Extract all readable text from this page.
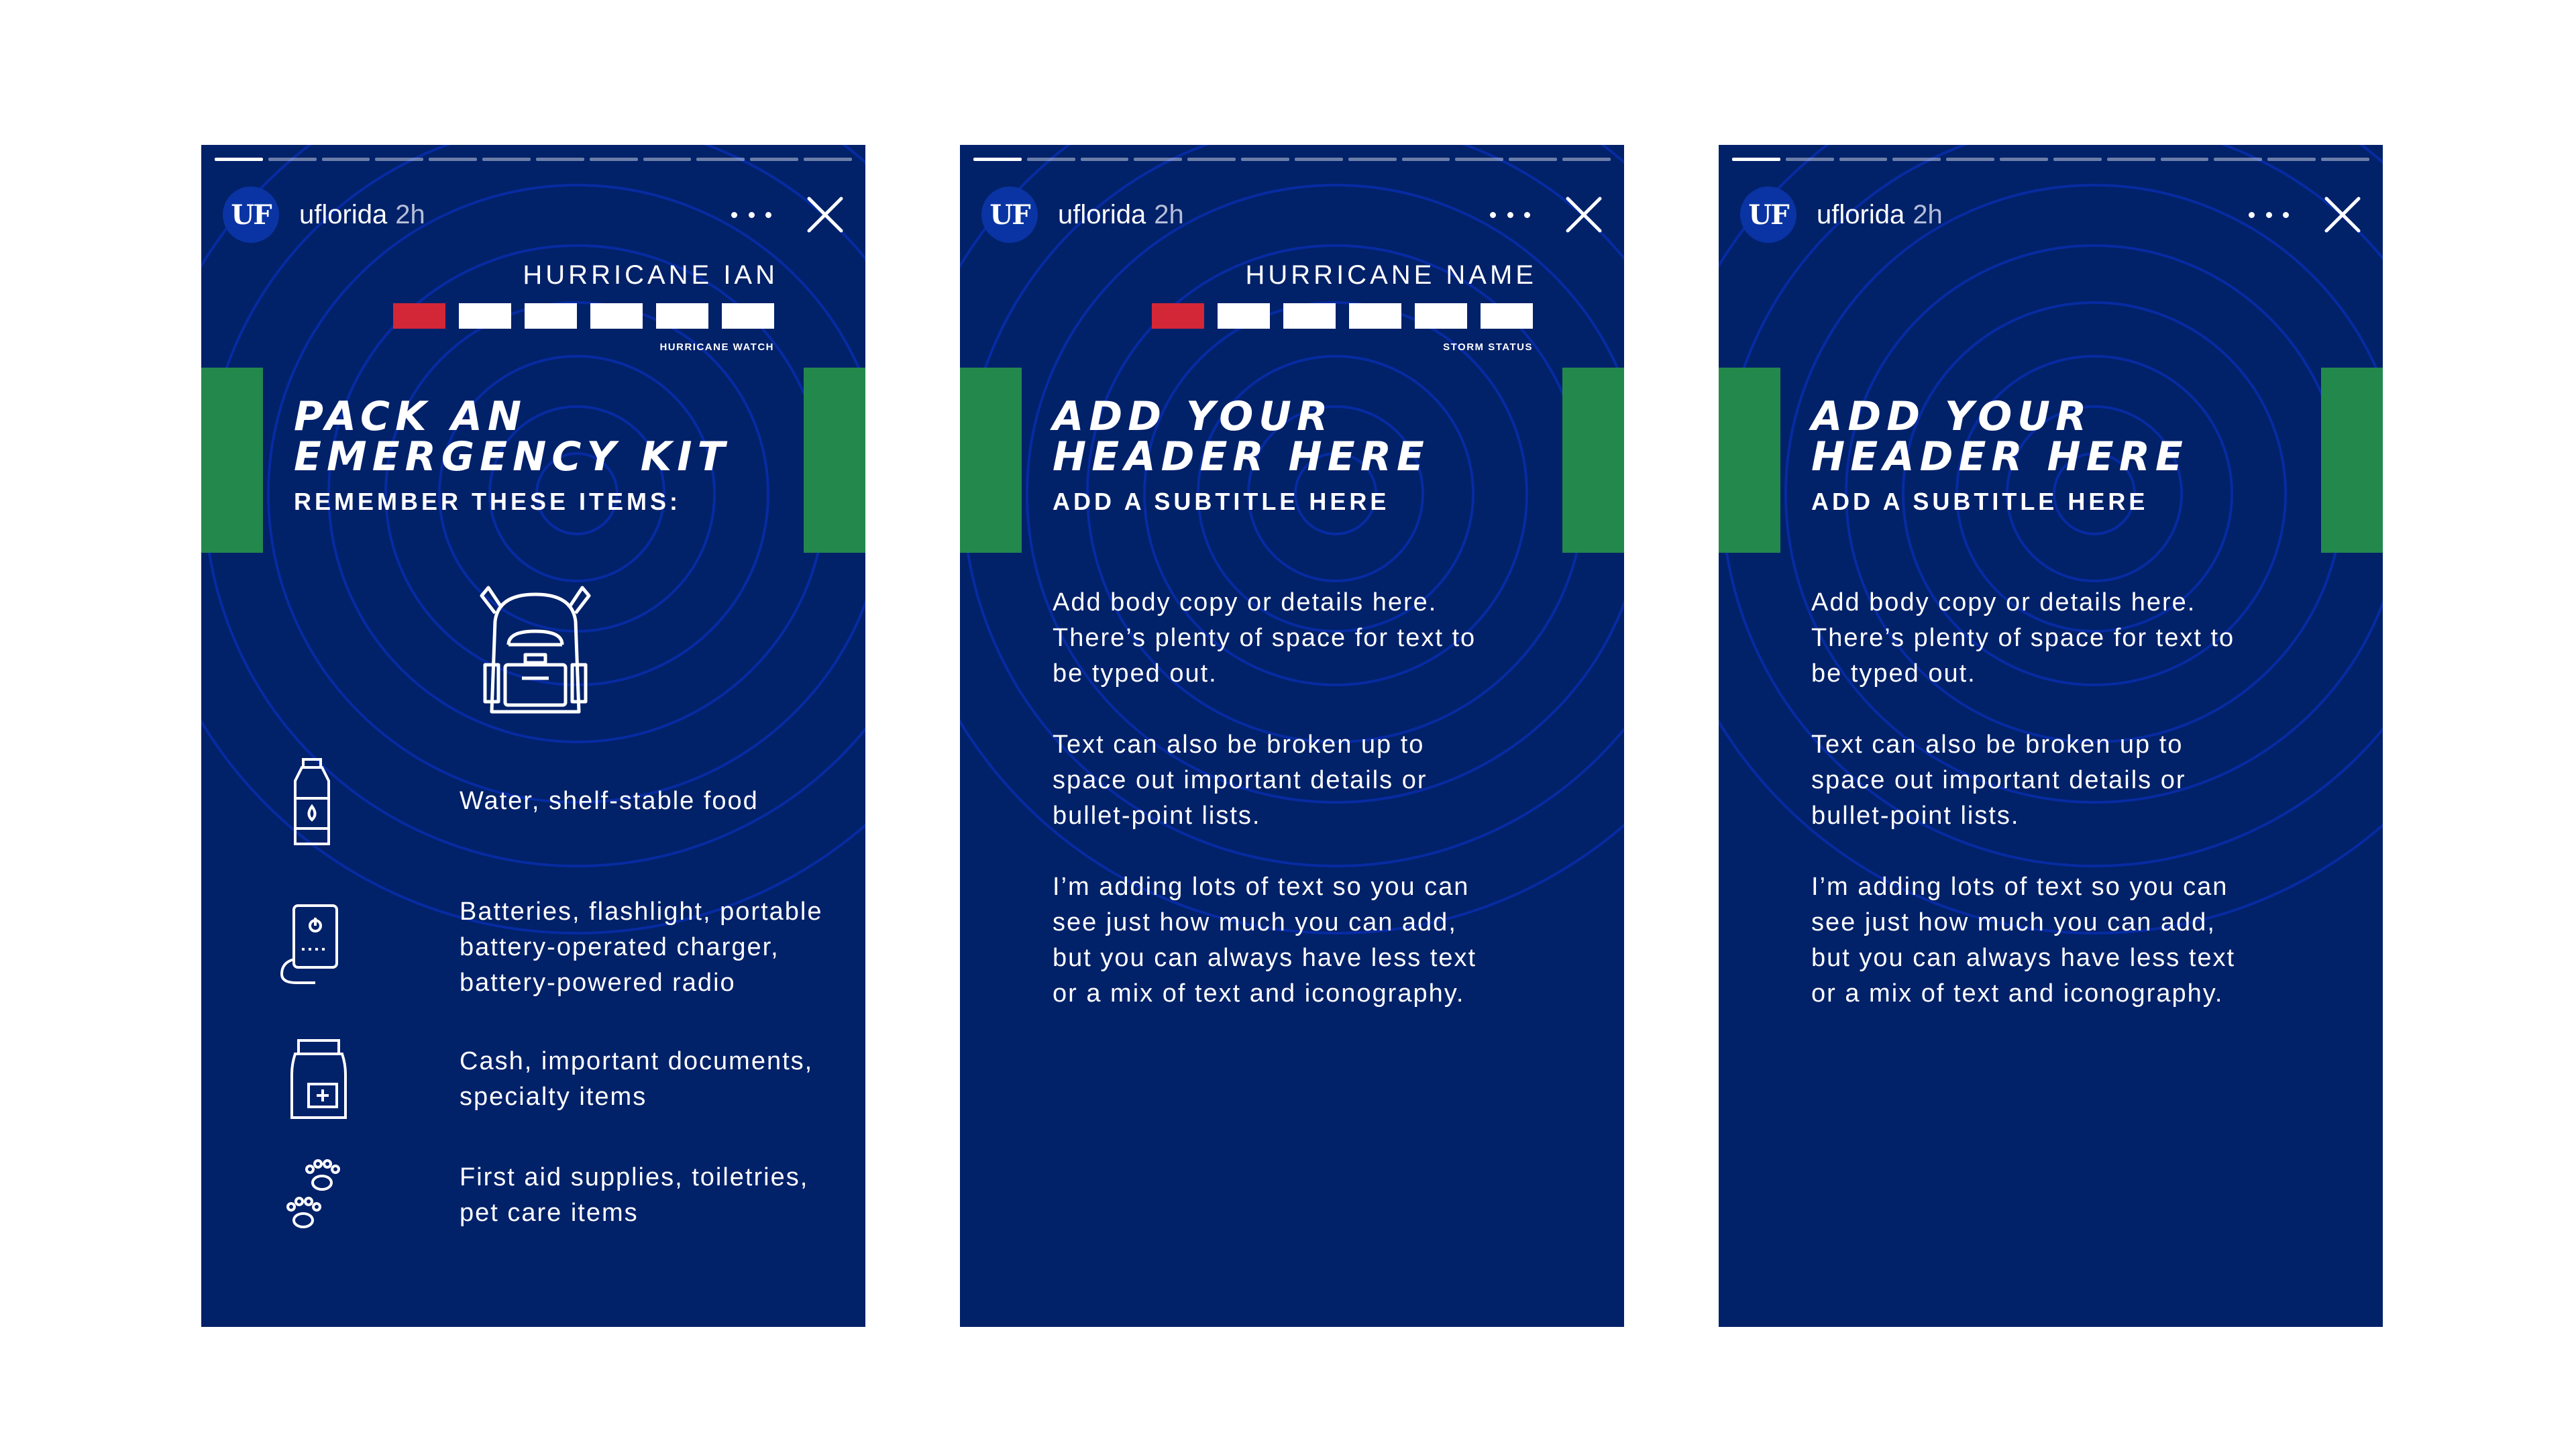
UF uflorida 2h
HURRICANE IAN
HURRICANE WATCH
PACK AN
EMERGENCY KIT
REMEMBER THESE ITEMS:
Water, shelf-stable food
Batteries, flashlight, portable
battery-operated charger,
battery-powered radio
Cash, important documents,
specialty items
First aid supplies, toiletries,
pet care items
UF uflorida 2h
HURRICANE NAME
STORM STATUS
ADD YOUR
HEADER HERE
ADD A SUBTITLE HERE

Add body copy or details here.
There’s plenty of space for text to
be typed out.

Text can also be broken up to
space out important details or
bullet-point lists.

I’m adding lots of text so you can
see just how much you can add,
but you can always have less text
or a mix of text and iconography.

UF uflorida 2h
ADD YOUR
HEADER HERE
ADD A SUBTITLE HERE

Add body copy or details here.
There’s plenty of space for text to
be typed out.

Text can also be broken up to
space out important details or
bullet-point lists.

I’m adding lots of text so you can
see just how much you can add,
but you can always have less text
or a mix of text and iconography.
